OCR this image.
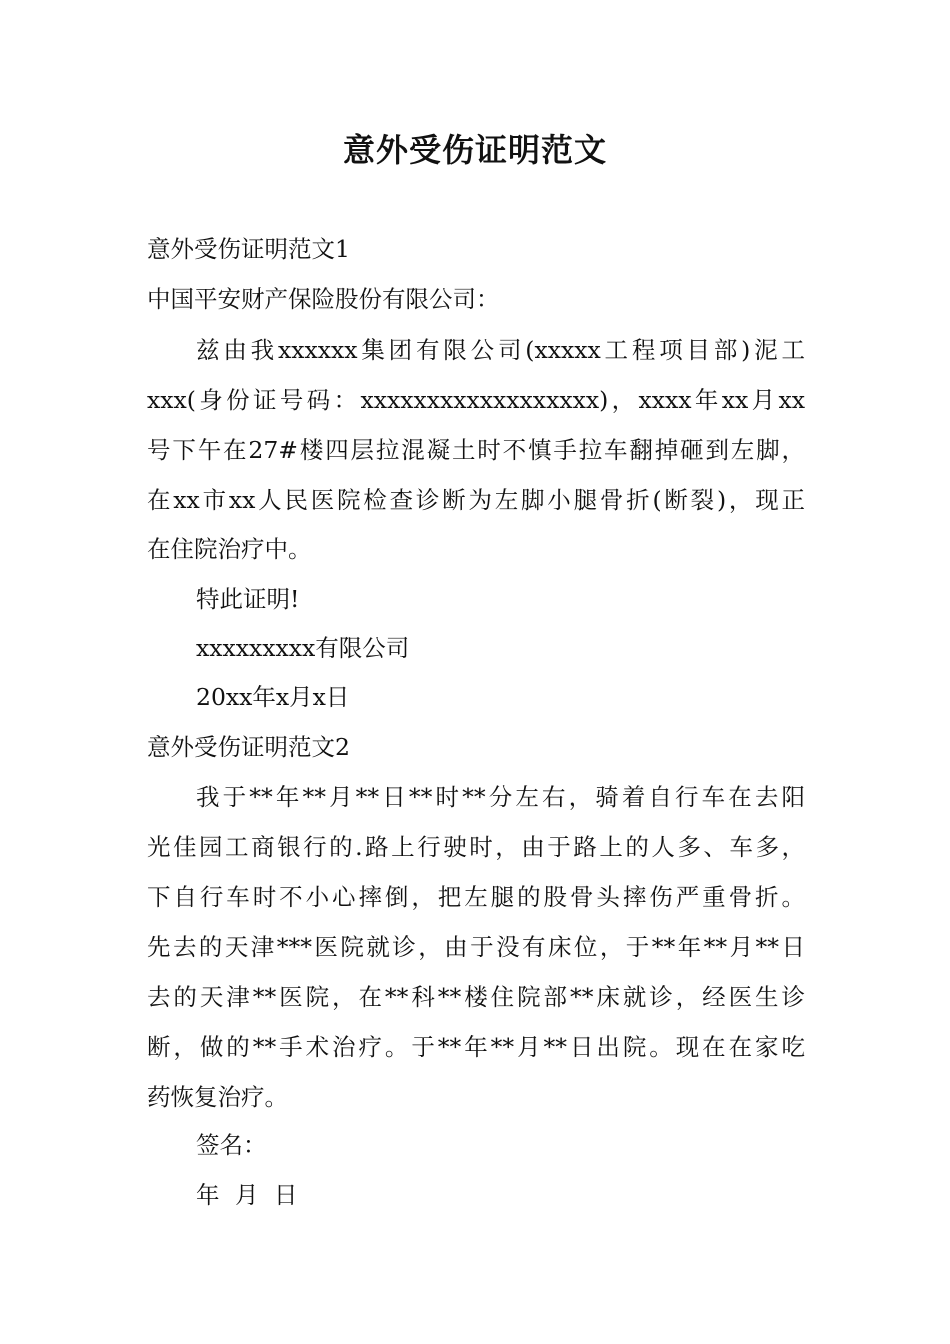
意外受伤证明范文
意外受伤证明范文1
中国平安财产保险股份有限公司：
兹由我xxxxxx集团有限公司(xxxxx工程项目部)泥工
xxx(身份证号码：xxxxxxxxxxxxxxxxxx)，xxxx年xx月xx
号下午在27#楼四层拉混凝土时不慎手拉车翻掉砸到左脚，
在xx市xx人民医院检查诊断为左脚小腿骨折(断裂)，现正
在住院治疗中。
特此证明!
xxxxxxxxx有限公司
20xx年x月x日
意外受伤证明范文2
我于**年**月**日**时**分左右，骑着自行车在去阳
光佳园工商银行的.路上行驶时，由于路上的人多、车多，
下自行车时不小心摔倒，把左腿的股骨头摔伤严重骨折。
先去的天津***医院就诊，由于没有床位，于**年**月**日
去的天津**医院，在**科**楼住院部**床就诊，经医生诊
断，做的**手术治疗。于**年**月**日出院。现在在家吃
药恢复治疗。
签名：
年 月 日
